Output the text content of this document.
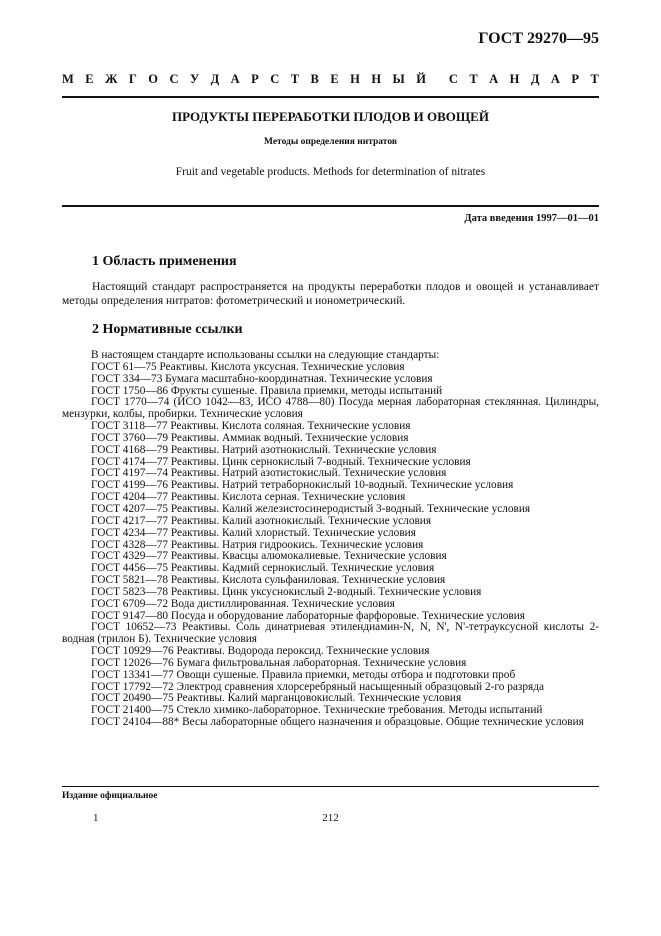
ГОСТ 29270—95
М Е Ж Г О С У Д А Р С Т В Е Н Н Ы Й С Т А Н Д А Р Т
ПРОДУКТЫ ПЕРЕРАБОТКИ ПЛОДОВ И ОВОЩЕЙ
Методы определения нитратов
Fruit and vegetable products. Methods for determination of nitrates
Дата введения 1997—01—01
1 Область применения
Настоящий стандарт распространяется на продукты переработки плодов и овощей и устанавливает методы определения нитратов: фотометрический и ионометрический.
2 Нормативные ссылки
В настоящем стандарте использованы ссылки на следующие стандарты:
ГОСТ 61—75 Реактивы. Кислота уксусная. Технические условия
ГОСТ 334—73 Бумага масштабно-координатная. Технические условия
ГОСТ 1750—86 Фрукты сушеные. Правила приемки, методы испытаний
ГОСТ 1770—74 (ИСО 1042—83, ИСО 4788—80) Посуда мерная лабораторная стеклянная. Цилиндры, мензурки, колбы, пробирки. Технические условия
ГОСТ 3118—77 Реактивы. Кислота соляная. Технические условия
ГОСТ 3760—79 Реактивы. Аммиак водный. Технические условия
ГОСТ 4168—79 Реактивы. Натрий азотнокислый. Технические условия
ГОСТ 4174—77 Реактивы. Цинк сернокислый 7-водный. Технические условия
ГОСТ 4197—74 Реактивы. Натрий азотистокислый. Технические условия
ГОСТ 4199—76 Реактивы. Натрий тетраборнокислый 10-водный. Технические условия
ГОСТ 4204—77 Реактивы. Кислота серная. Технические условия
ГОСТ 4207—75 Реактивы. Калий железистосинеродистый 3-водный. Технические условия
ГОСТ 4217—77 Реактивы. Калий азотнокислый. Технические условия
ГОСТ 4234—77 Реактивы. Калий хлористый. Технические условия
ГОСТ 4328—77 Реактивы. Натрия гидроокись. Технические условия
ГОСТ 4329—77 Реактивы. Квасцы алюмокалиевые. Технические условия
ГОСТ 4456—75 Реактивы. Кадмий сернокислый. Технические условия
ГОСТ 5821—78 Реактивы. Кислота сульфаниловая. Технические условия
ГОСТ 5823—78 Реактивы. Цинк уксуснокислый 2-водный. Технические условия
ГОСТ 6709—72 Вода дистиллированная. Технические условия
ГОСТ 9147—80 Посуда и оборудование лабораторные фарфоровые. Технические условия
ГОСТ 10652—73 Реактивы. Соль динатриевая этилендиамин-N, N, N', N'-тетрауксусной кислоты 2-водная (трилон Б). Технические условия
ГОСТ 10929—76 Реактивы. Водорода пероксид. Технические условия
ГОСТ 12026—76 Бумага фильтровальная лабораторная. Технические условия
ГОСТ 13341—77 Овощи сушеные. Правила приемки, методы отбора и подготовки проб
ГОСТ 17792—72 Электрод сравнения хлорсеребряный насыщенный образцовый 2-го разряда
ГОСТ 20490—75 Реактивы. Калий марганцовокислый. Технические условия
ГОСТ 21400—75 Стекло химико-лабораторное. Технические требования. Методы испытаний
ГОСТ 24104—88* Весы лабораторные общего назначения и образцовые. Общие технические условия
Издание официальное
1	212
